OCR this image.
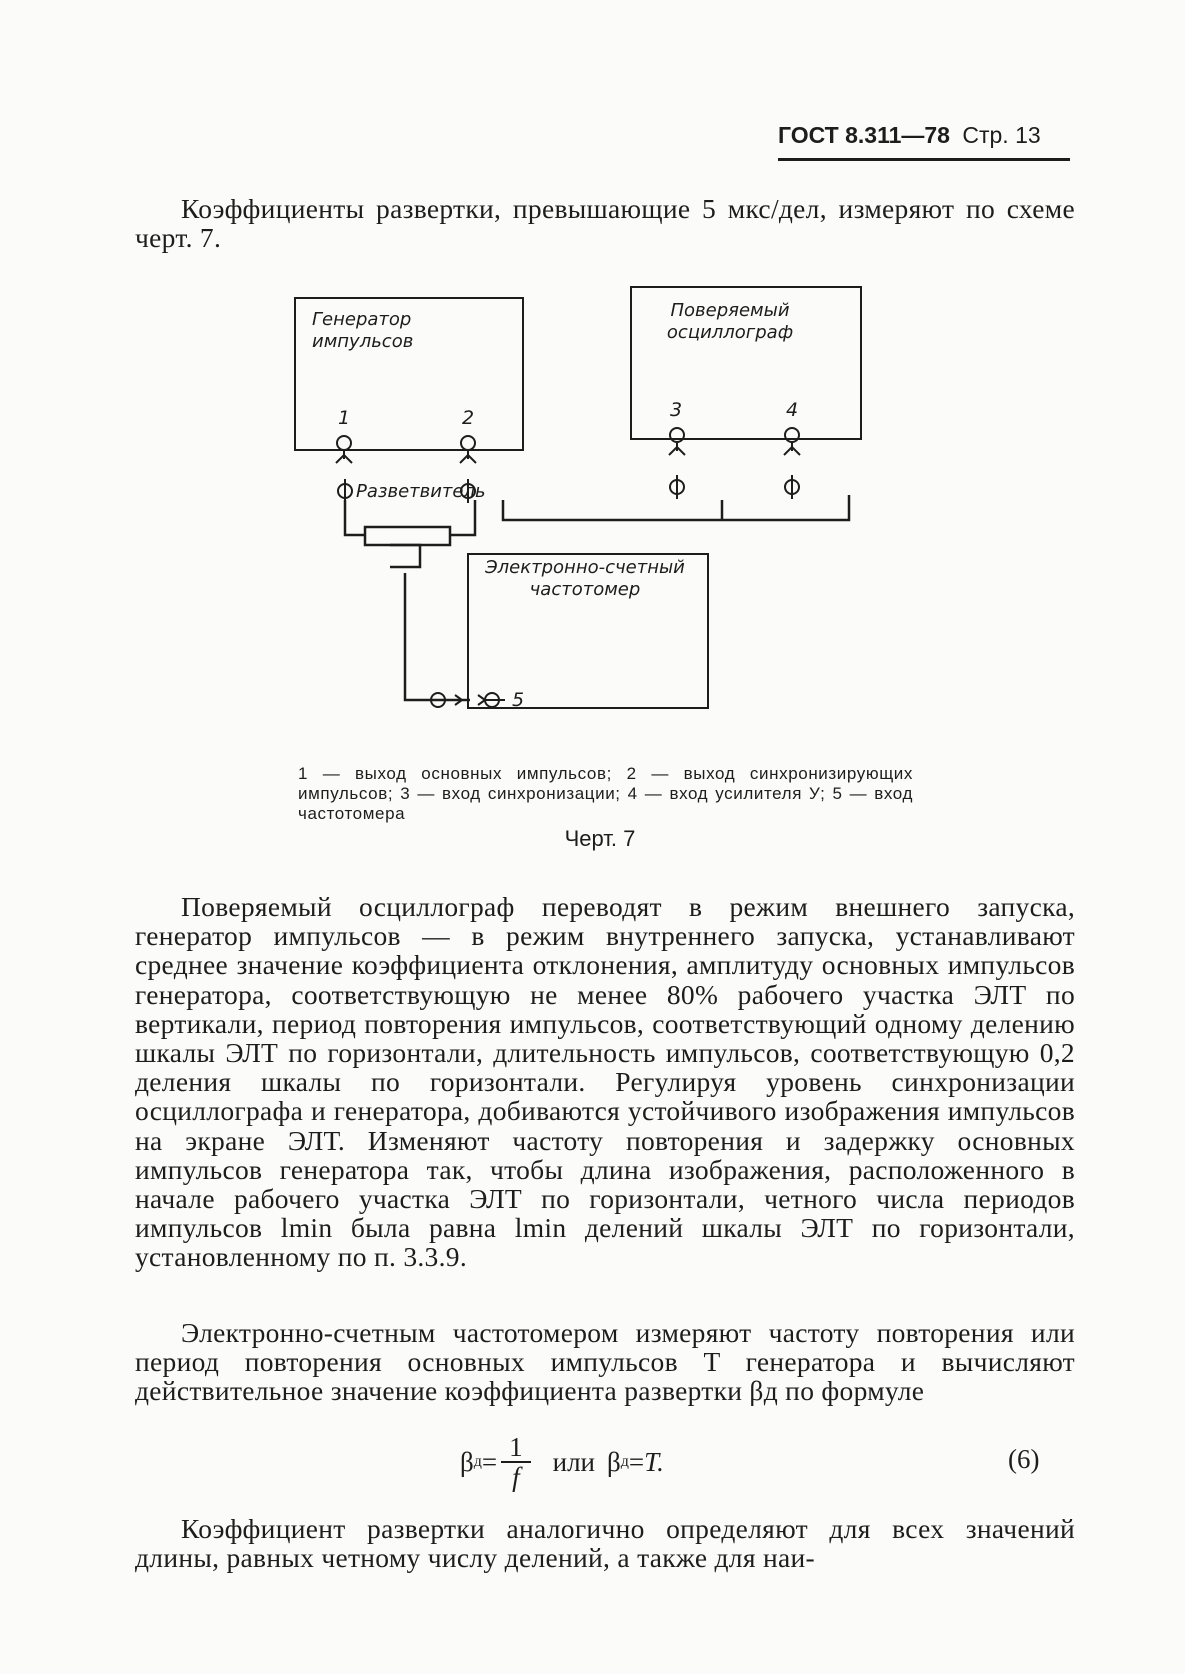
ГОСТ 8.311—78 Стр. 13
Коэффициенты развертки, превышающие 5 мкс/дел, измеряют по схеме черт. 7.
Генератор импульсов
Поверяемый осциллограф
Электронно-счетный частотомер
Разветвитель
1	2	3	4
5
1 — выход основных импульсов; 2 — выход синхронизирующих импульсов; 3 — вход синхронизации; 4 — вход усилителя У; 5 — вход частотомера
Черт. 7
Поверяемый осциллограф переводят в режим внешнего запуска, генератор импульсов — в режим внутреннего запуска, устанавливают среднее значение коэффициента отклонения, амплитуду основных импульсов генератора, соответствующую не менее 80% рабочего участка ЭЛТ по вертикали, период повторения импульсов, соответствующий одному делению шкалы ЭЛТ по горизонтали, длительность импульсов, соответствующую 0,2 деления шкалы по горизонтали. Регулируя уровень синхронизации осциллографа и генератора, добиваются устойчивого изображения импульсов на экране ЭЛТ. Изменяют частоту повторения и задержку основных импульсов генератора так, чтобы длина изображения, расположенного в начале рабочего участка ЭЛТ по горизонтали, четного числа периодов импульсов lmin была равна lmin делений шкалы ЭЛТ по горизонтали, установленному по п. 3.3.9.
Электронно-счетным частотомером измеряют частоту повторения или период повторения основных импульсов T генератора и вычисляют действительное значение коэффициента развертки βд по формуле
β $д = \frac{1}{f}$ или β д = T.	(6)
Коэффициент развертки аналогично определяют для всех значений длины, равных четному числу делений, а также для наи-
